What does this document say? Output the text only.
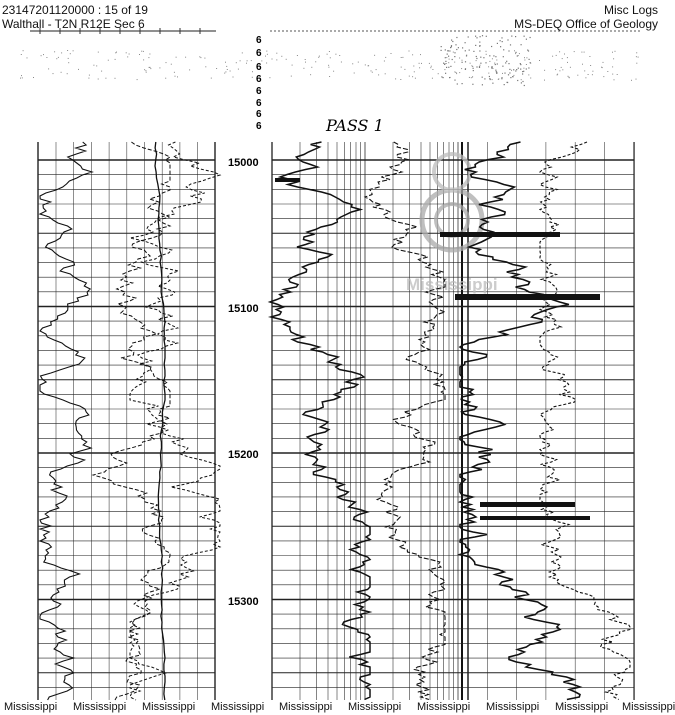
23147201120000 : 15 of 19
Walthall - T2N R12E Sec 6
Misc Logs
MS-DEQ Office of Geology
6
6
6
6
6
6
6
6	PASS 1
Mississippi
15000
15100
15200
15300
Mississippi Mississippi Mississippi Mississippi Mississippi Mississippi Mississippi Mississippi Mississippi Mississippi
